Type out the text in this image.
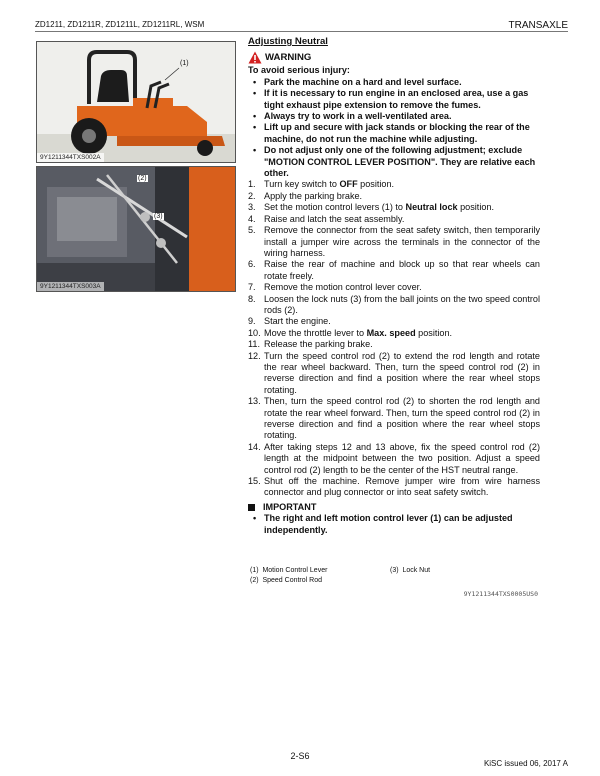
ZD1211, ZD1211R, ZD1211L, ZD1211RL, WSM	TRANSAXLE
(1)
9Y1211344TXS002A
(2)
(3)
9Y1211344TXS003A
Adjusting Neutral
WARNING
To avoid serious injury:
• Park the machine on a hard and level surface.
• If it is necessary to run engine in an enclosed area, use a gas tight exhaust pipe extension to remove the fumes.
• Always try to work in a well-ventilated area.
• Lift up and secure with jack stands or blocking the rear of the machine, do not run the machine while adjusting.
• Do not adjust only one of the following adjustment; exclude "MOTION CONTROL LEVER POSITION". They are relative each other.
1. Turn key switch to OFF position.
2. Apply the parking brake.
3. Set the motion control levers (1) to Neutral lock position.
4. Raise and latch the seat assembly.
5. Remove the connector from the seat safety switch, then temporarily install a jumper wire across the terminals in the connector of the wiring harness.
6. Raise the rear of machine and block up so that rear wheels can rotate freely.
7. Remove the motion control lever cover.
8. Loosen the lock nuts (3) from the ball joints on the two speed control rods (2).
9. Start the engine.
10. Move the throttle lever to Max. speed position.
11. Release the parking brake.
12. Turn the speed control rod (2) to extend the rod length and rotate the rear wheel backward. Then, turn the speed control rod (2) in reverse direction and find a position where the rear wheel stops rotating.
13. Then, turn the speed control rod (2) to shorten the rod length and rotate the rear wheel forward. Then, turn the speed control rod (2) in reverse direction and find a position where the rear wheel stops rotating.
14. After taking steps 12 and 13 above, fix the speed control rod (2) length at the midpoint between the two position. Adjust a speed control rod (2) length to be the center of the HST neutral range.
15. Shut off the machine. Remove jumper wire from wire harness connector and plug connector or into seat safety switch.
IMPORTANT
• The right and left motion control lever (1) can be adjusted independently.
(1) Motion Control Lever	(3) Lock Nut
(2) Speed Control Rod
9Y1211344TXS0005US0
2-S6
KiSC issued 06, 2017 A
